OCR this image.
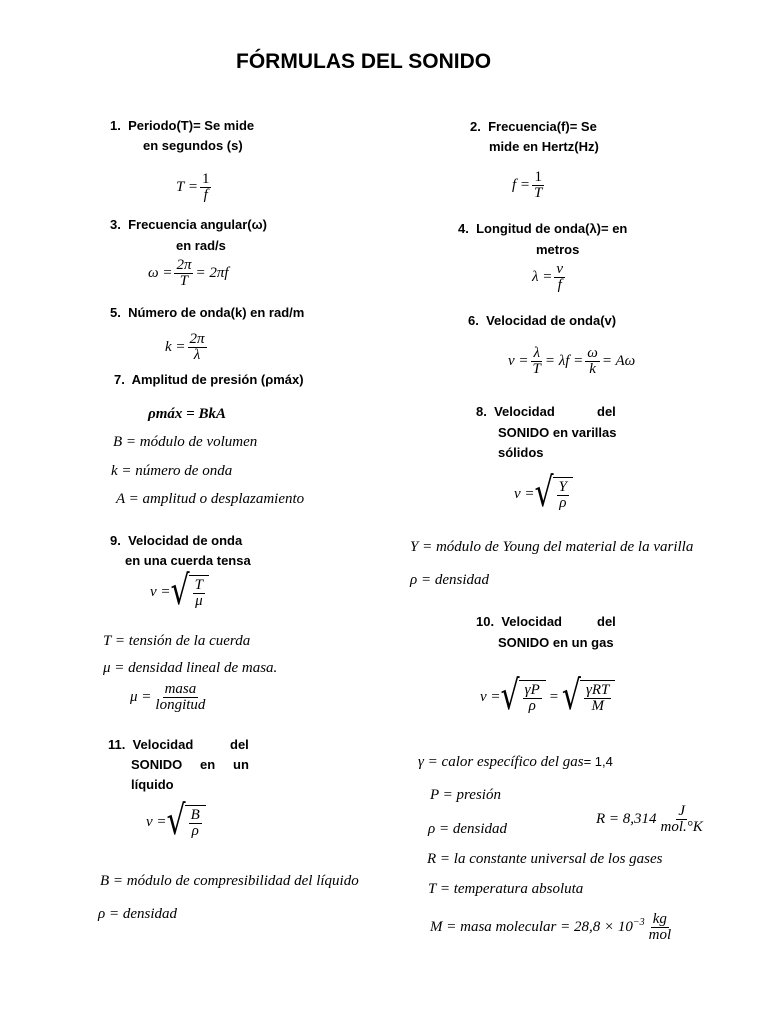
FÓRMULAS DEL SONIDO
1. Periodo(T)= Se mide
en segundos (s)
$T = \frac{1}{f}$
2. Frecuencia(f)= Se
mide en Hertz(Hz)
$f = \frac{1}{T}$
3. Frecuencia angular(ω)
en rad/s
$\omega = \frac{2\pi}{T} = 2\pi f$
4. Longitud de onda(λ)= en
metros
$\lambda = \frac{v}{f}$
5. Número de onda(k) en rad/m
$k = \frac{2\pi}{\lambda}$
6. Velocidad de onda(v)
$v = \frac{\lambda}{T} = \lambda f = \frac{\omega}{k} = A\omega$
7. Amplitud de presión (ρmáx)
ρmáx = BkA
B = módulo de volumen
k = número de onda
A = amplitud o desplazamiento
8. Velocidad	del
SONIDO en varillas
sólidos
v = √ $\frac{Y}{\rho}$
Y = módulo de Young del material de la varilla
ρ = densidad
9. Velocidad de onda
en una cuerda tensa
v = √ $\frac{T}{\mu}$
T = tensión de la cuerda
μ = densidad lineal de masa.
μ = masa
longitud
10. Velocidad	del
SONIDO en un gas
v = √ $\frac{\gamma P}{\rho}$ = √ γRT
M
γ = calor específico del gas = 1,4
P = presión
ρ = densidad
R = 8,314 J
mol.°K
R = la constante universal de los gases
T = temperatura absoluta
M = masa molecular = $28,8 \times 10^{-3}$ kg
mol
11. Velocidad	del
SONIDO en un
líquido
v = √ $\frac{B}{\rho}$
B = módulo de compresibilidad del líquido
ρ = densidad
